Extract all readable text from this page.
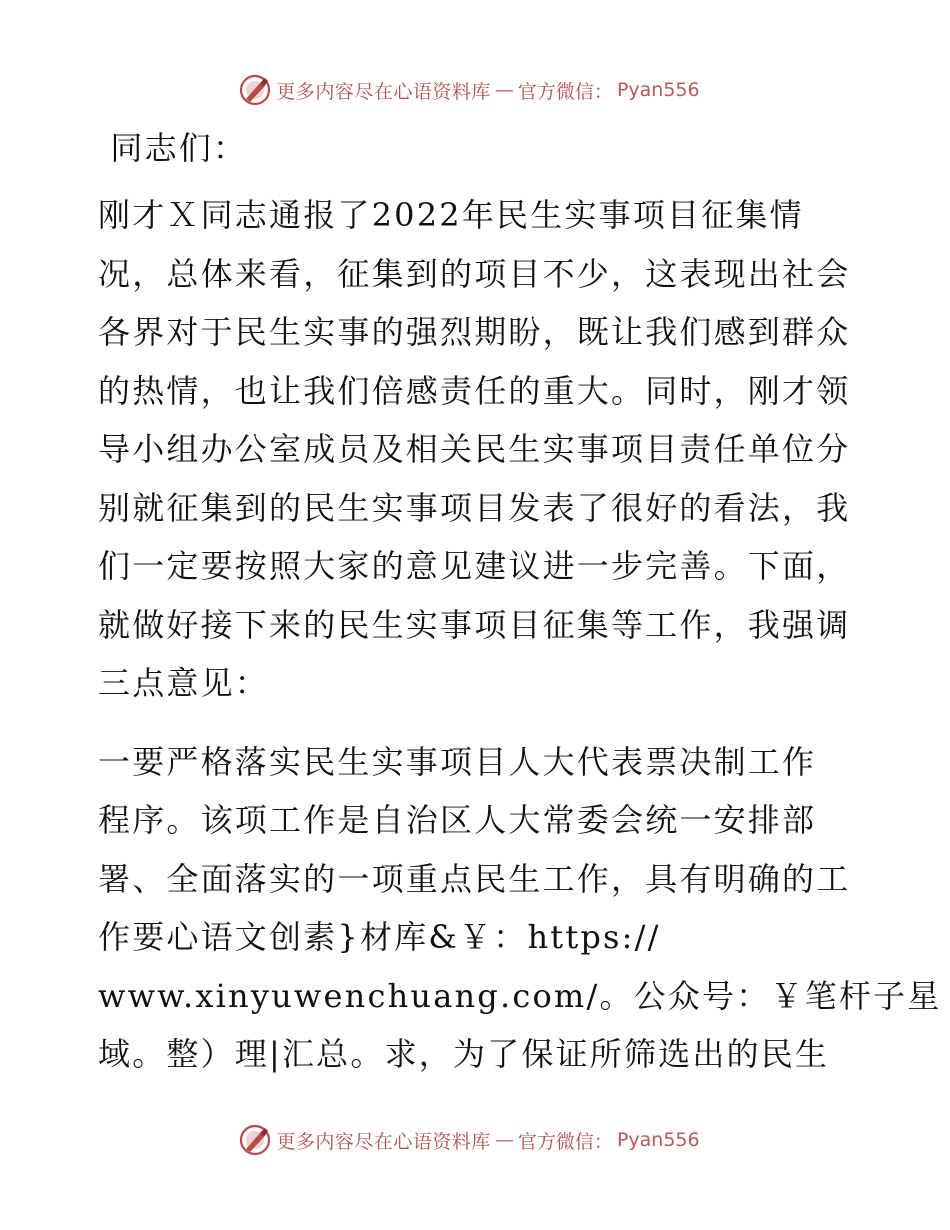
更多内容尽在心语资料库 — 官方微信： Pyan556

同志们：

刚才Ｘ同志通报了2022年民生实事项目征集情
况，总体来看，征集到的项目不少，这表现出社会
各界对于民生实事的强烈期盼，既让我们感到群众
的热情，也让我们倍感责任的重大。同时，刚才领
导小组办公室成员及相关民生实事项目责任单位分
别就征集到的民生实事项目发表了很好的看法，我
们一定要按照大家的意见建议进一步完善。下面，
就做好接下来的民生实事项目征集等工作，我强调
三点意见：

一要严格落实民生实事项目人大代表票决制工作
程序。该项工作是自治区人大常委会统一安排部
署、全面落实的一项重点民生工作，具有明确的工
作要心语文创素}材库&￥：https://
www.xinyuwenchuang.com/。公众号：￥笔杆子星
域。整）理|汇总。求，为了保证所筛选出的民生

更多内容尽在心语资料库 — 官方微信： Pyan556
